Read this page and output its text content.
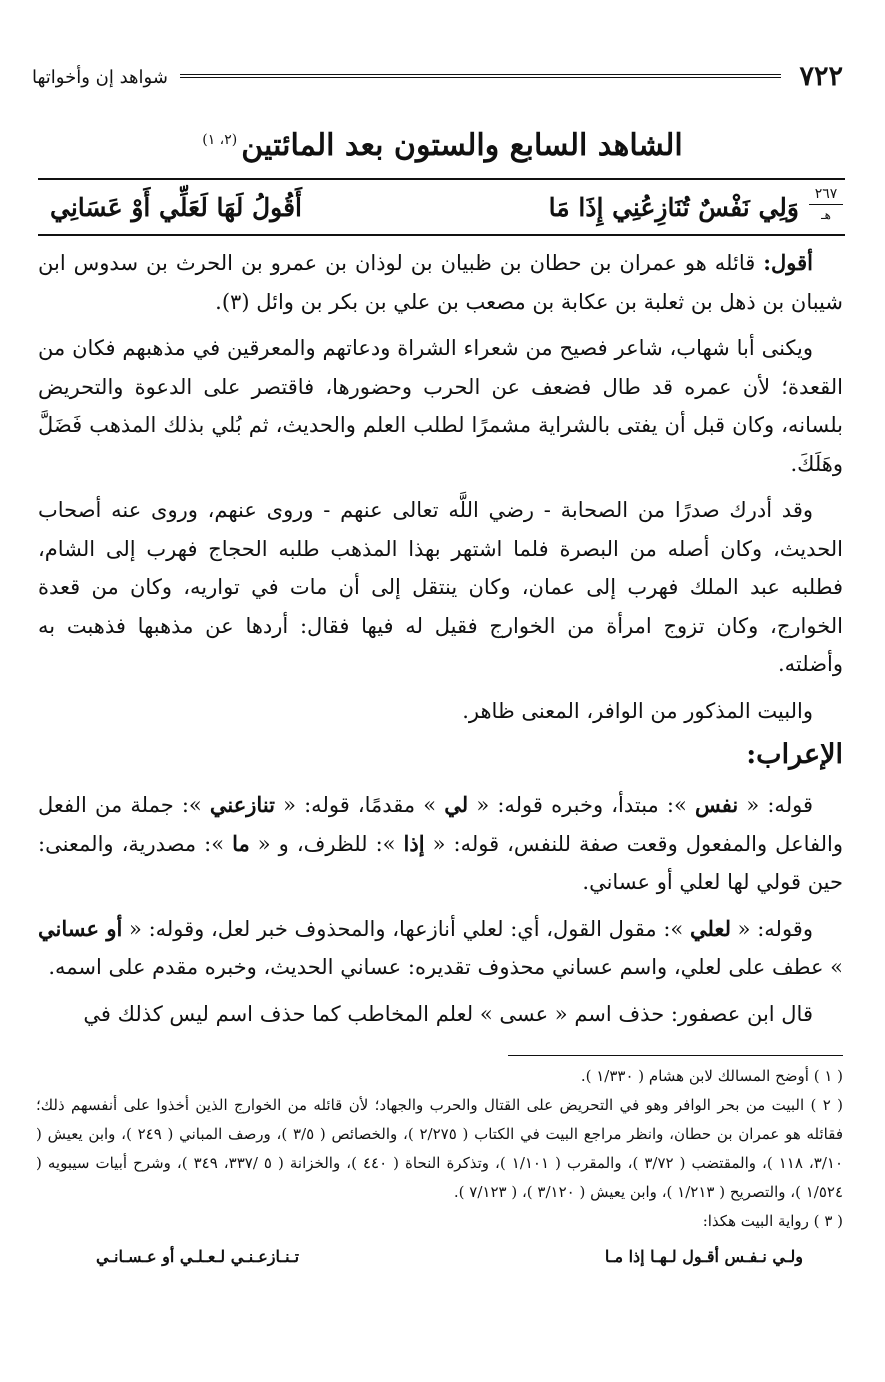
٧٢٢
شواهد إن وأخواتها
الشاهد السابع والستون بعد المائتين$^{(٢، ١)}$
٢٦٧
هـ
وَلِي نَفْسٌ تُنَازِعُنِي إِذَا مَا
أَقُولُ لَهَا لَعَلِّي أَوْ عَسَانِي

أقول: قائله هو عمران بن حطان بن ظبيان بن لوذان بن عمرو بن الحرث بن سدوس ابن شيبان بن ذهل بن ثعلبة بن عكابة بن مصعب بن علي بن بكر بن وائل (٣).

ويكنى أبا شهاب، شاعر فصيح من شعراء الشراة ودعاتهم والمعرقين في مذهبهم فكان من القعدة؛ لأن عمره قد طال فضعف عن الحرب وحضورها، فاقتصر على الدعوة والتحريض بلسانه، وكان قبل أن يفتى بالشراية مشمرًا لطلب العلم والحديث، ثم بُلي بذلك المذهب فَضَلَّ وهَلَكَ.

وقد أدرك صدرًا من الصحابة - رضي اللَّه تعالى عنهم - وروى عنهم، وروى عنه أصحاب الحديث، وكان أصله من البصرة فلما اشتهر بهذا المذهب طلبه الحجاج فهرب إلى الشام، فطلبه عبد الملك فهرب إلى عمان، وكان ينتقل إلى أن مات في تواريه، وكان من قعدة الخوارج، وكان تزوج امرأة من الخوارج فقيل له فيها فقال: أردها عن مذهبها فذهبت به وأضلته.

والبيت المذكور من الوافر، المعنى ظاهر.

الإعراب:

قوله: « نفس »: مبتدأ، وخبره قوله: « لي » مقدمًا، قوله: « تنازعني »: جملة من الفعل والفاعل والمفعول وقعت صفة للنفس، قوله: « إذا »: للظرف، و « ما »: مصدرية، والمعنى: حين قولي لها لعلي أو عساني.

وقوله: « لعلي »: مقول القول، أي: لعلي أنازعها، والمحذوف خبر لعل، وقوله: « أو عساني » عطف على لعلي، واسم عساني محذوف تقديره: عساني الحديث، وخبره مقدم على اسمه.

قال ابن عصفور: حذف اسم « عسى » لعلم المخاطب كما حذف اسم ليس كذلك في

( ١ ) أوضح المسالك لابن هشام ( ١/٣٣٠ ).

( ٢ ) البيت من بحر الوافر وهو في التحريض على القتال والحرب والجهاد؛ لأن قائله من الخوارج الذين أخذوا على أنفسهم ذلك؛ فقائله هو عمران بن حطان، وانظر مراجع البيت في الكتاب ( ٢/٢٧٥ )، والخصائص ( ٣/٥ )، ورصف المباني ( ٢٤٩ )، وابن يعيش ( ٣/١٠، ١١٨ )، والمقتضب ( ٣/٧٢ )، والمقرب ( ١/١٠١ )، وتذكرة النحاة ( ٤٤٠ )، والخزانة ( ٥ /٣٣٧، ٣٤٩ )، وشرح أبيات سيبويه ( ١/٥٢٤ )، والتصريح ( ١/٢١٣ )، وابن يعيش ( ٣/١٢٠ )، ( ٧/١٢٣ ).

( ٣ ) رواية البيت هكذا:

ولـي نـفـس أقـول لـهـا إذا مـا
تـنـازعـنـي لـعـلـي أو عـسـانـي
